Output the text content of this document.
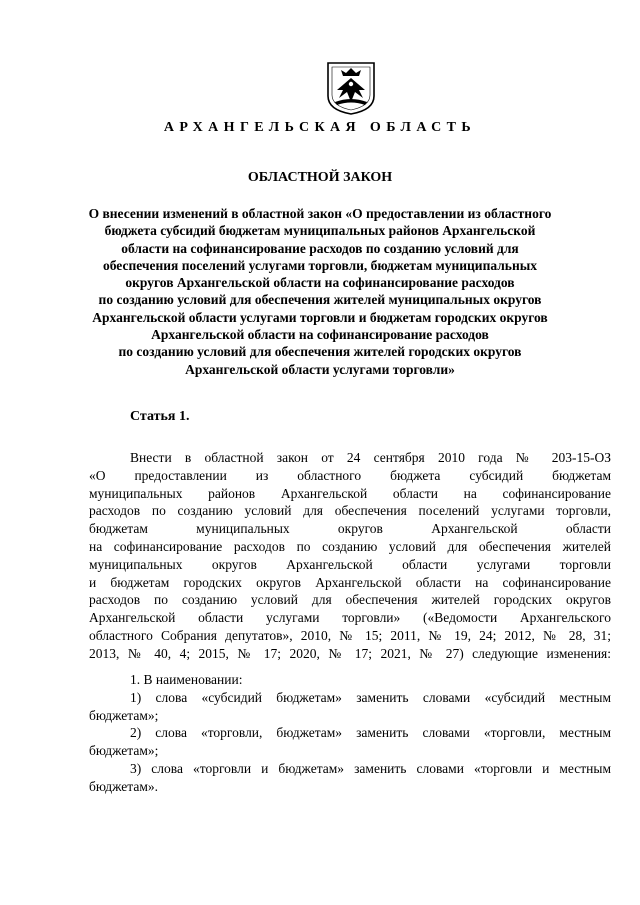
АРХАНГЕЛЬСКАЯ ОБЛАСТЬ
ОБЛАСТНОЙ ЗАКОН
О внесении изменений в областной закон «О предоставлении из областного
бюджета субсидий бюджетам муниципальных районов Архангельской
области на софинансирование расходов по созданию условий для
обеспечения поселений услугами торговли, бюджетам муниципальных
округов Архангельской области на софинансирование расходов
по созданию условий для обеспечения жителей муниципальных округов
Архангельской области услугами торговли и бюджетам городских округов
Архангельской области на софинансирование расходов
по созданию условий для обеспечения жителей городских округов
Архангельской области услугами торговли»
Статья 1.
Внести в областной закон от 24 сентября 2010 года № 203-15-ОЗ
«О предоставлении из областного бюджета субсидий бюджетам
муниципальных районов Архангельской области на софинансирование
расходов по созданию условий для обеспечения поселений услугами торговли,
бюджетам муниципальных округов Архангельской области
на софинансирование расходов по созданию условий для обеспечения жителей
муниципальных округов Архангельской области услугами торговли
и бюджетам городских округов Архангельской области на софинансирование
расходов по созданию условий для обеспечения жителей городских округов
Архангельской области услугами торговли» («Ведомости Архангельского
областного Собрания депутатов», 2010, № 15; 2011, № 19, 24; 2012, № 28, 31;
2013, № 40, 4; 2015, № 17; 2020, № 17; 2021, № 27) следующие изменения:
1. В наименовании:
1) слова «субсидий бюджетам» заменить словами «субсидий местным
бюджетам»;
2) слова «торговли, бюджетам» заменить словами «торговли, местным
бюджетам»;
3) слова «торговли и бюджетам» заменить словами «торговли и местным
бюджетам».
